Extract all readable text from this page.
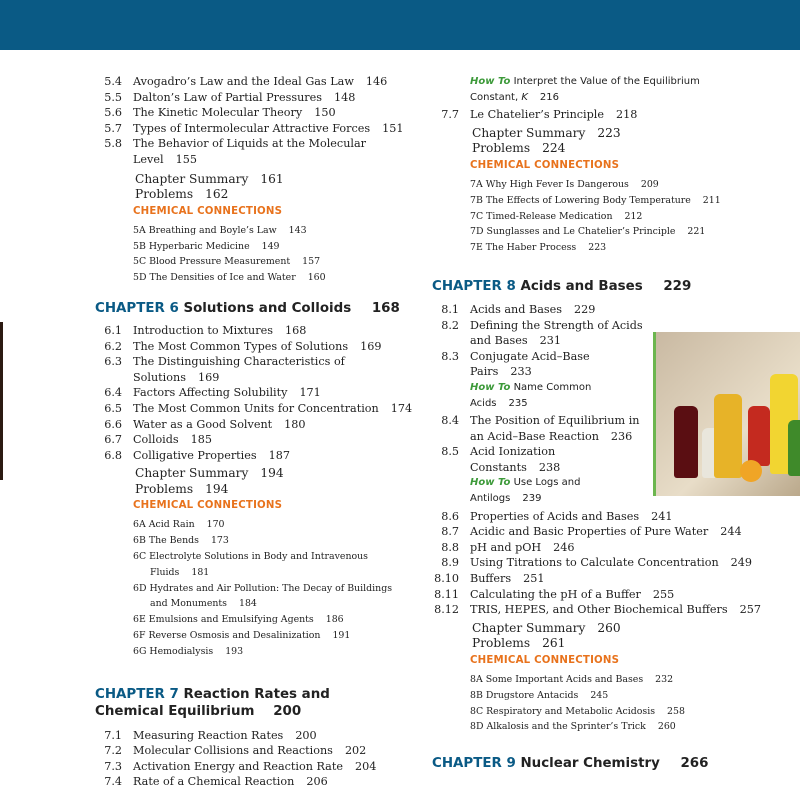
5.4 Avogadro’s Law and the Ideal Gas Law 146
5.5 Dalton’s Law of Partial Pressures 148
5.6 The Kinetic Molecular Theory 150
5.7 Types of Intermolecular Attractive Forces 151
5.8 The Behavior of Liquids at the Molecular
Level 155
Chapter Summary 161
Problems 162
CHEMICAL CONNECTIONS
5A Breathing and Boyle’s Law 143
5B Hyperbaric Medicine 149
5C Blood Pressure Measurement 157
5D The Densities of Ice and Water 160
CHAPTER 6 Solutions and Colloids 168
6.1 Introduction to Mixtures 168
6.2 The Most Common Types of Solutions 169
6.3 The Distinguishing Characteristics of
Solutions 169
6.4 Factors Affecting Solubility 171
6.5 The Most Common Units for Concentration 174
6.6 Water as a Good Solvent 180
6.7 Colloids 185
6.8 Colligative Properties 187
Chapter Summary 194
Problems 194
CHEMICAL CONNECTIONS
6A Acid Rain 170
6B The Bends 173
6C Electrolyte Solutions in Body and Intravenous
Fluids 181
6D Hydrates and Air Pollution: The Decay of Buildings
and Monuments 184
6E Emulsions and Emulsifying Agents 186
6F Reverse Osmosis and Desalinization 191
6G Hemodialysis 193
CHAPTER 7 Reaction Rates and
Chemical Equilibrium 200
7.1 Measuring Reaction Rates 200
7.2 Molecular Collisions and Reactions 202
7.3 Activation Energy and Reaction Rate 204
7.4 Rate of a Chemical Reaction 206
How To Interpret the Value of the Equilibrium
Constant, K 216
7.7 Le Chatelier’s Principle 218
Chapter Summary 223
Problems 224
CHEMICAL CONNECTIONS
7A Why High Fever Is Dangerous 209
7B The Effects of Lowering Body Temperature 211
7C Timed-Release Medication 212
7D Sunglasses and Le Chatelier’s Principle 221
7E The Haber Process 223
CHAPTER 8 Acids and Bases 229
8.1 Acids and Bases 229
8.2 Defining the Strength of Acids
and Bases 231
8.3 Conjugate Acid–Base
Pairs 233
How To Name Common
Acids 235
8.4 The Position of Equilibrium in
an Acid–Base Reaction 236
8.5 Acid Ionization
Constants 238
How To Use Logs and
Antilogs 239
8.6 Properties of Acids and Bases 241
8.7 Acidic and Basic Properties of Pure Water 244
8.8 pH and pOH 246
8.9 Using Titrations to Calculate Concentration 249
8.10 Buffers 251
8.11 Calculating the pH of a Buffer 255
8.12 TRIS, HEPES, and Other Biochemical Buffers 257
Chapter Summary 260
Problems 261
CHEMICAL CONNECTIONS
8A Some Important Acids and Bases 232
8B Drugstore Antacids 245
8C Respiratory and Metabolic Acidosis 258
8D Alkalosis and the Sprinter’s Trick 260
CHAPTER 9 Nuclear Chemistry 266
